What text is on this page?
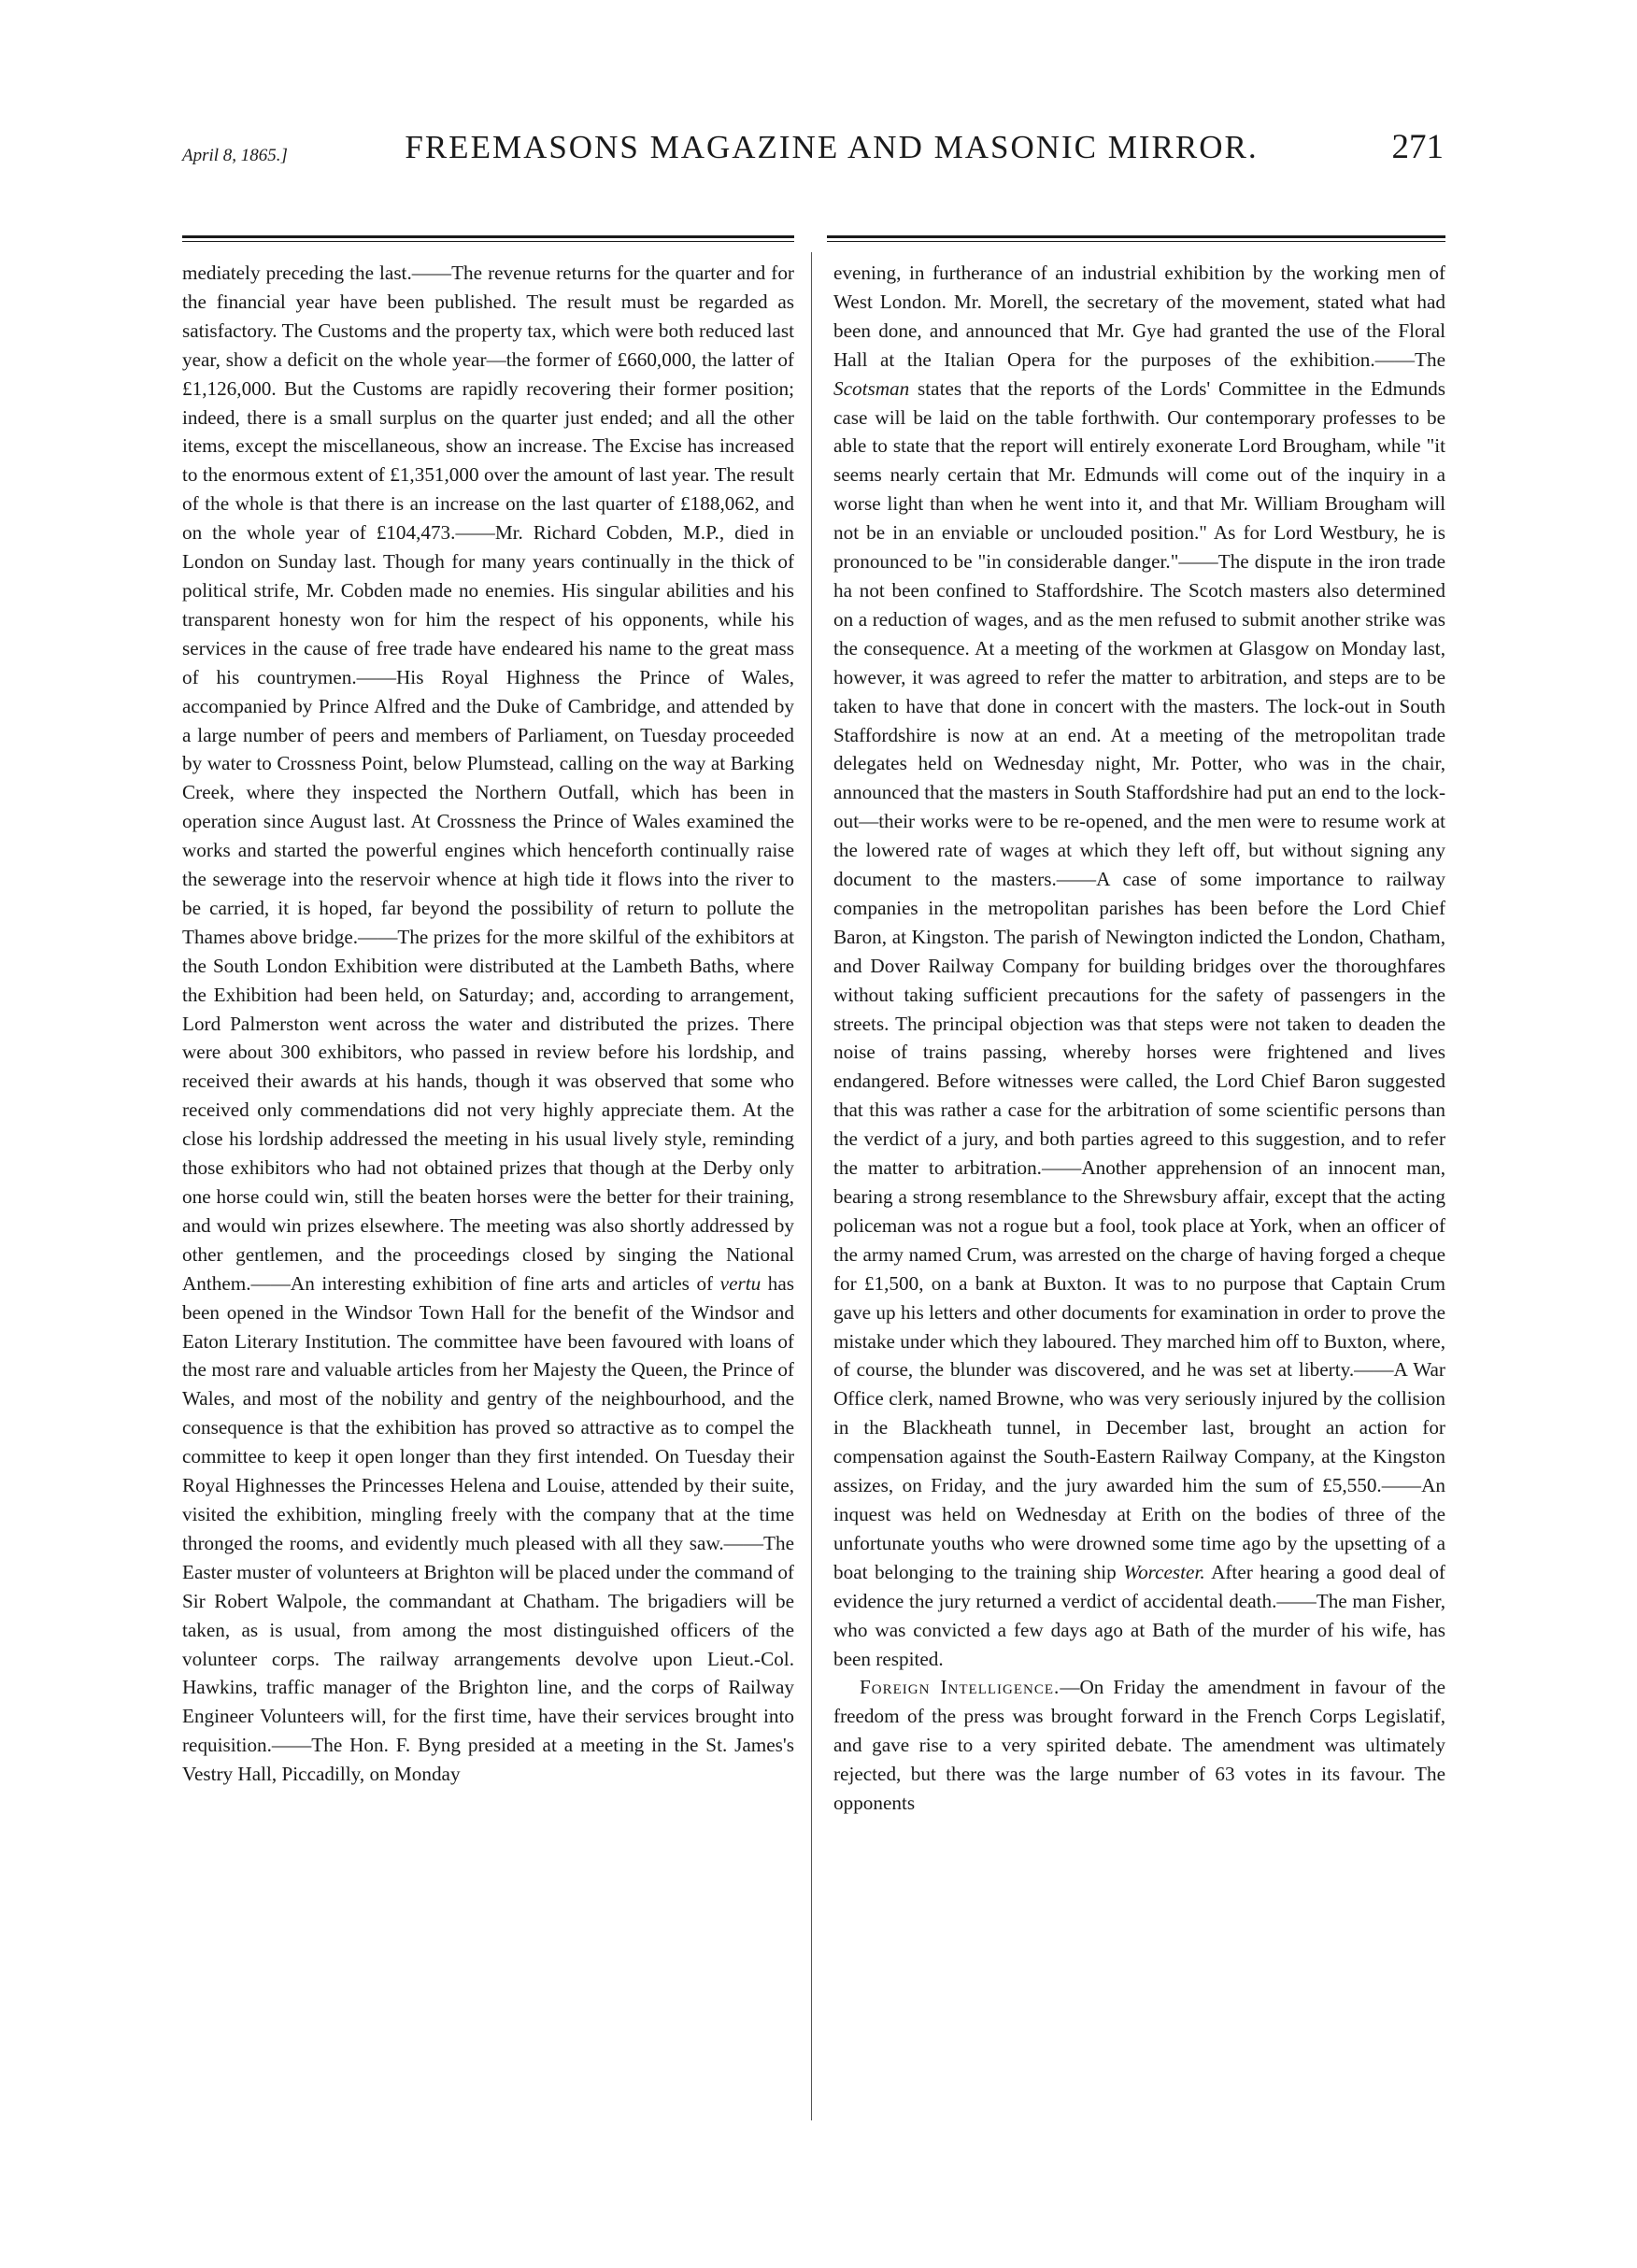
April 8, 1865.]	FREEMASONS MAGAZINE AND MASONIC MIRROR.	271

mediately preceding the last.——The revenue returns for the quarter and for the financial year have been published. The result must be regarded as satisfactory. The Customs and the property tax, which were both reduced last year, show a deficit on the whole year—the former of £660,000, the latter of £1,126,000. But the Customs are rapidly recovering their former position; indeed, there is a small surplus on the quarter just ended; and all the other items, except the miscellaneous, show an increase. The Excise has increased to the enormous extent of £1,351,000 over the amount of last year. The result of the whole is that there is an increase on the last quarter of £188,062, and on the whole year of £104,473.——Mr. Richard Cobden, M.P., died in London on Sunday last. Though for many years continually in the thick of political strife, Mr. Cobden made no enemies. His singular abilities and his transparent honesty won for him the respect of his opponents, while his services in the cause of free trade have endeared his name to the great mass of his countrymen.——His Royal Highness the Prince of Wales, accompanied by Prince Alfred and the Duke of Cambridge, and attended by a large number of peers and members of Parliament, on Tuesday proceeded by water to Crossness Point, below Plumstead, calling on the way at Barking Creek, where they inspected the Northern Outfall, which has been in operation since August last. At Crossness the Prince of Wales examined the works and started the powerful engines which henceforth continually raise the sewerage into the reservoir whence at high tide it flows into the river to be carried, it is hoped, far beyond the possibility of return to pollute the Thames above bridge.——The prizes for the more skilful of the exhibitors at the South London Exhibition were distributed at the Lambeth Baths, where the Exhibition had been held, on Saturday; and, according to arrangement, Lord Palmerston went across the water and distributed the prizes. There were about 300 exhibitors, who passed in review before his lordship, and received their awards at his hands, though it was observed that some who received only commendations did not very highly appreciate them. At the close his lordship addressed the meeting in his usual lively style, reminding those exhibitors who had not obtained prizes that though at the Derby only one horse could win, still the beaten horses were the better for their training, and would win prizes elsewhere. The meeting was also shortly addressed by other gentlemen, and the proceedings closed by singing the National Anthem.——An interesting exhibition of fine arts and articles of vertu has been opened in the Windsor Town Hall for the benefit of the Windsor and Eaton Literary Institution. The committee have been favoured with loans of the most rare and valuable articles from her Majesty the Queen, the Prince of Wales, and most of the nobility and gentry of the neighbourhood, and the consequence is that the exhibition has proved so attractive as to compel the committee to keep it open longer than they first intended. On Tuesday their Royal Highnesses the Princesses Helena and Louise, attended by their suite, visited the exhibition, mingling freely with the company that at the time thronged the rooms, and evidently much pleased with all they saw.——The Easter muster of volunteers at Brighton will be placed under the command of Sir Robert Walpole, the commandant at Chatham. The brigadiers will be taken, as is usual, from among the most distinguished officers of the volunteer corps. The railway arrangements devolve upon Lieut.-Col. Hawkins, traffic manager of the Brighton line, and the corps of Railway Engineer Volunteers will, for the first time, have their services brought into requisition.——The Hon. F. Byng presided at a meeting in the St. James's Vestry Hall, Piccadilly, on Monday

evening, in furtherance of an industrial exhibition by the working men of West London. Mr. Morell, the secretary of the movement, stated what had been done, and announced that Mr. Gye had granted the use of the Floral Hall at the Italian Opera for the purposes of the exhibition.——The Scotsman states that the reports of the Lords' Committee in the Edmunds case will be laid on the table forthwith. Our contemporary professes to be able to state that the report will entirely exonerate Lord Brougham, while "it seems nearly certain that Mr. Edmunds will come out of the inquiry in a worse light than when he went into it, and that Mr. William Brougham will not be in an enviable or unclouded position." As for Lord Westbury, he is pronounced to be "in considerable danger."——The dispute in the iron trade ha not been confined to Staffordshire. The Scotch masters also determined on a reduction of wages, and as the men refused to submit another strike was the consequence. At a meeting of the workmen at Glasgow on Monday last, however, it was agreed to refer the matter to arbitration, and steps are to be taken to have that done in concert with the masters. The lock-out in South Staffordshire is now at an end. At a meeting of the metropolitan trade delegates held on Wednesday night, Mr. Potter, who was in the chair, announced that the masters in South Staffordshire had put an end to the lock-out—their works were to be re-opened, and the men were to resume work at the lowered rate of wages at which they left off, but without signing any document to the masters.——A case of some importance to railway companies in the metropolitan parishes has been before the Lord Chief Baron, at Kingston. The parish of Newington indicted the London, Chatham, and Dover Railway Company for building bridges over the thoroughfares without taking sufficient precautions for the safety of passengers in the streets. The principal objection was that steps were not taken to deaden the noise of trains passing, whereby horses were frightened and lives endangered. Before witnesses were called, the Lord Chief Baron suggested that this was rather a case for the arbitration of some scientific persons than the verdict of a jury, and both parties agreed to this suggestion, and to refer the matter to arbitration.——Another apprehension of an innocent man, bearing a strong resemblance to the Shrewsbury affair, except that the acting policeman was not a rogue but a fool, took place at York, when an officer of the army named Crum, was arrested on the charge of having forged a cheque for £1,500, on a bank at Buxton. It was to no purpose that Captain Crum gave up his letters and other documents for examination in order to prove the mistake under which they laboured. They marched him off to Buxton, where, of course, the blunder was discovered, and he was set at liberty.——A War Office clerk, named Browne, who was very seriously injured by the collision in the Blackheath tunnel, in December last, brought an action for compensation against the South-Eastern Railway Company, at the Kingston assizes, on Friday, and the jury awarded him the sum of £5,550.——An inquest was held on Wednesday at Erith on the bodies of three of the unfortunate youths who were drowned some time ago by the upsetting of a boat belonging to the training ship Worcester. After hearing a good deal of evidence the jury returned a verdict of accidental death.——The man Fisher, who was convicted a few days ago at Bath of the murder of his wife, has been respited.

Foreign Intelligence.—On Friday the amendment in favour of the freedom of the press was brought forward in the French Corps Legislatif, and gave rise to a very spirited debate. The amendment was ultimately rejected, but there was the large number of 63 votes in its favour. The opponents
